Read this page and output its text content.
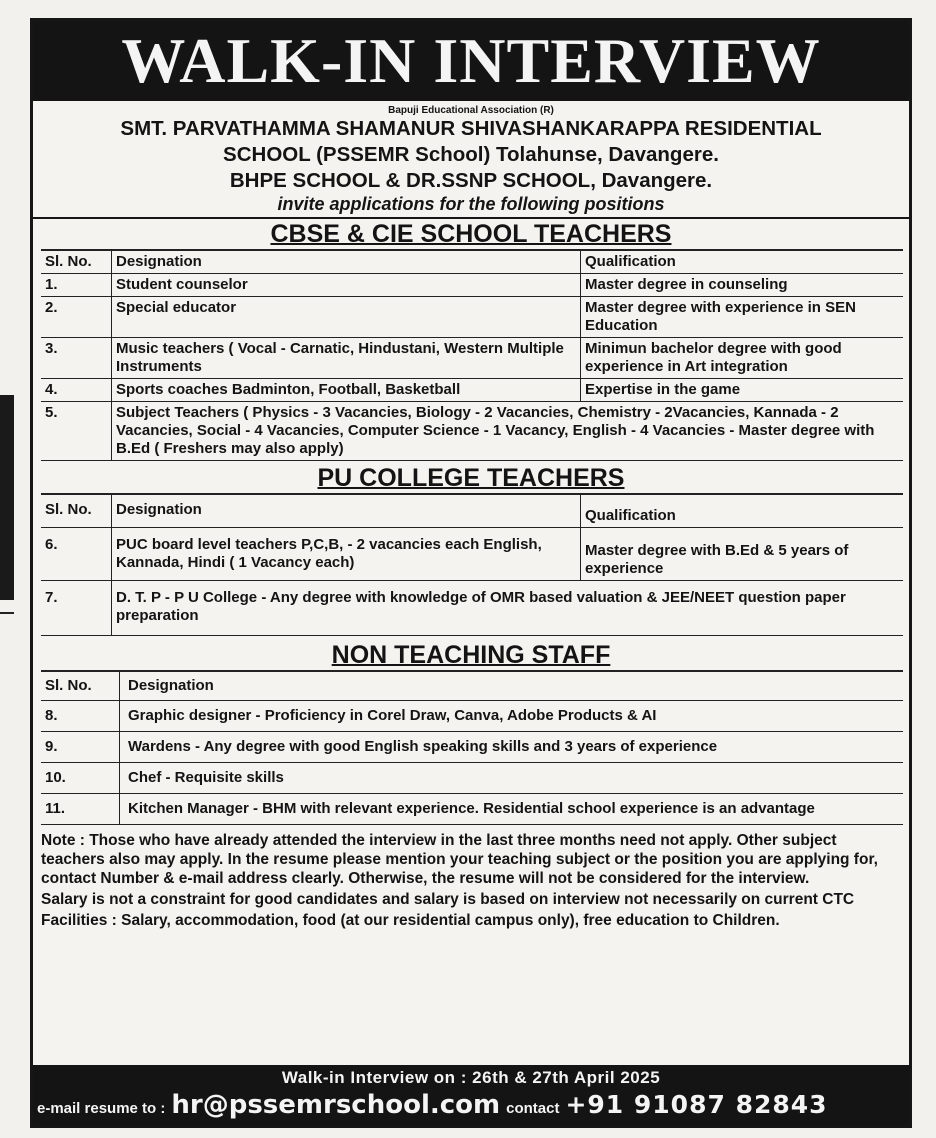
WALK-IN INTERVIEW
Bapuji Educational Association (R)
SMT. PARVATHAMMA SHAMANUR SHIVASHANKARAPPA RESIDENTIAL
SCHOOL (PSSEMR School) Tolahunse, Davangere.
BHPE SCHOOL & DR.SSNP SCHOOL, Davangere.
invite applications for the following positions
CBSE & CIE SCHOOL TEACHERS
Sl. No.	Designation	Qualification
1.	Student counselor	Master degree in counseling
2.	Special educator	Master degree with experience in SEN Education
3.	Music teachers ( Vocal - Carnatic, Hindustani, Western Multiple Instruments	Minimun bachelor degree with good experience in Art integration
4.	Sports coaches Badminton, Football, Basketball	Expertise in the game
5.	Subject Teachers ( Physics - 3 Vacancies, Biology - 2 Vacancies, Chemistry - 2Vacancies, Kannada - 2 Vacancies, Social - 4 Vacancies, Computer Science - 1 Vacancy, English - 4 Vacancies - Master degree with B.Ed ( Freshers may also apply)	
PU COLLEGE TEACHERS
Sl. No.	Designation	Qualification
6.	PUC board level teachers P,C,B, - 2 vacancies each English, Kannada, Hindi ( 1 Vacancy each)	Master degree with B.Ed & 5 years of experience
7.	D. T. P - P U College - Any degree with knowledge of OMR based valuation & JEE/NEET question paper preparation	
NON TEACHING STAFF
Sl. No.	Designation
8.	Graphic designer - Proficiency in Corel Draw, Canva, Adobe Products & AI
9.	Wardens - Any degree with good English speaking skills and 3 years of experience
10.	Chef - Requisite skills
11.	Kitchen Manager - BHM with relevant experience. Residential school experience is an advantage
Note : Those who have already attended the interview in the last three months need not apply. Other subject teachers also may apply. In the resume please mention your teaching subject or the position you are applying for, contact Number & e-mail address clearly. Otherwise, the resume will not be considered for the interview.
Salary is not a constraint for good candidates and salary is based on interview not necessarily on current CTC
Facilities : Salary, accommodation, food (at our residential campus only), free education to Children.
Walk-in Interview on : 26th & 27th April 2025
e-mail resume to : hr@pssemrschool.com contact +91 91087 82843
